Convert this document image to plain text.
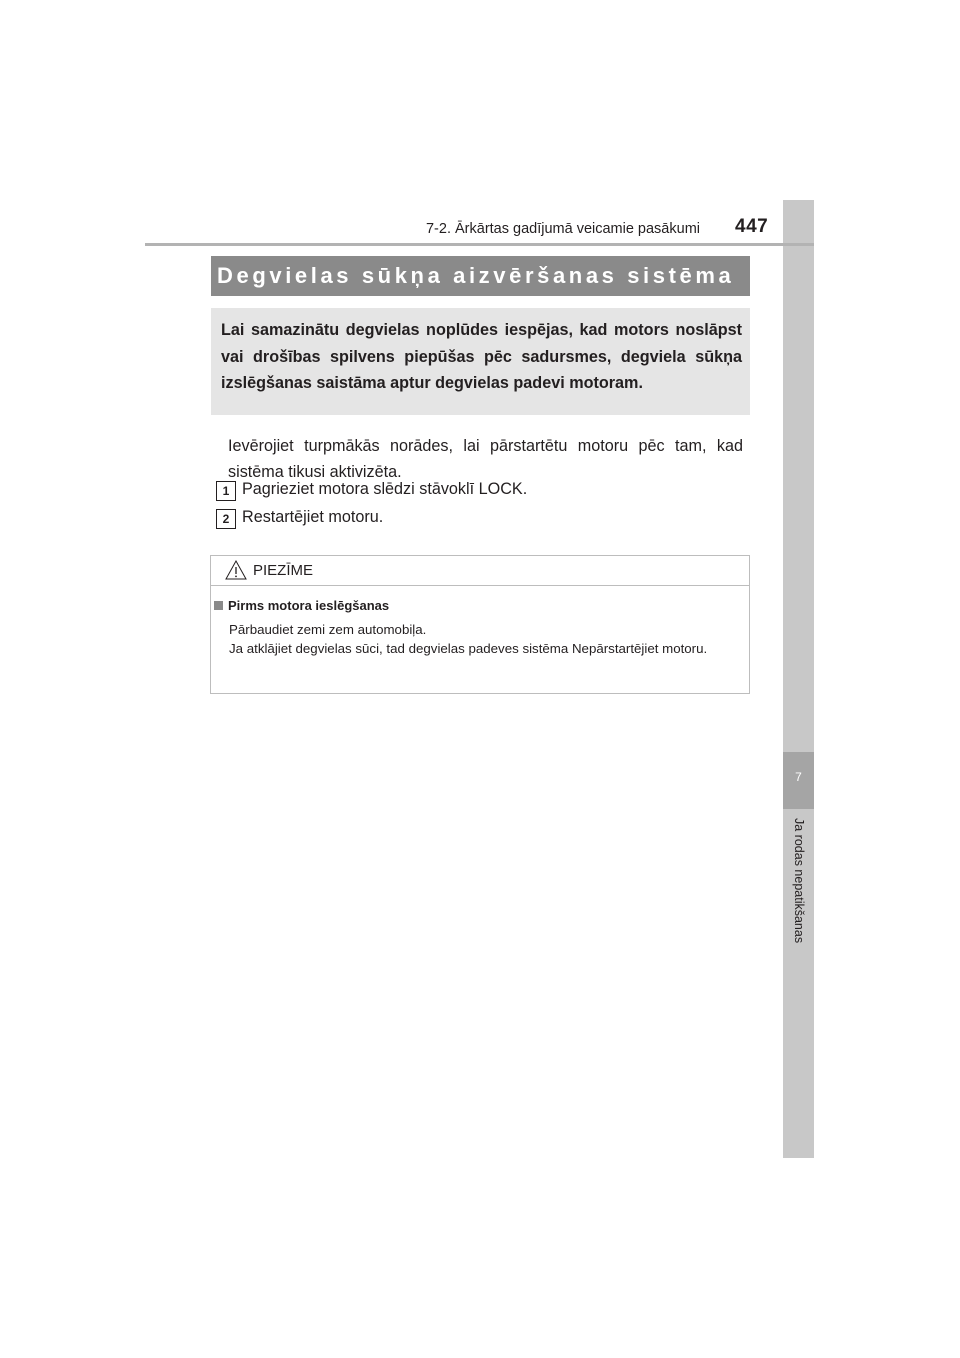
7
Ja rodas nepatikšanas
7-2. Ārkārtas gadījumā veicamie pasākumi 447
Degvielas sūkņa aizvēršanas sistēma
Lai samazinātu degvielas noplūdes iespējas, kad motors noslāpst vai drošības spilvens piepūšas pēc sadursmes, degviela sūkņa izslēgšanas saistāma aptur degvielas padevi motoram.
Ievērojiet turpmākās norādes, lai pārstartētu motoru pēc tam, kad sistēma tikusi aktivizēta.
1 Pagrieziet motora slēdzi stāvoklī LOCK.
2 Restartējiet motoru.
PIEZĪME
Pirms motora ieslēgšanas
Pārbaudiet zemi zem automobiļa.
Ja atklājiet degvielas sūci, tad degvielas padeves sistēma Nepārstartējiet motoru.
